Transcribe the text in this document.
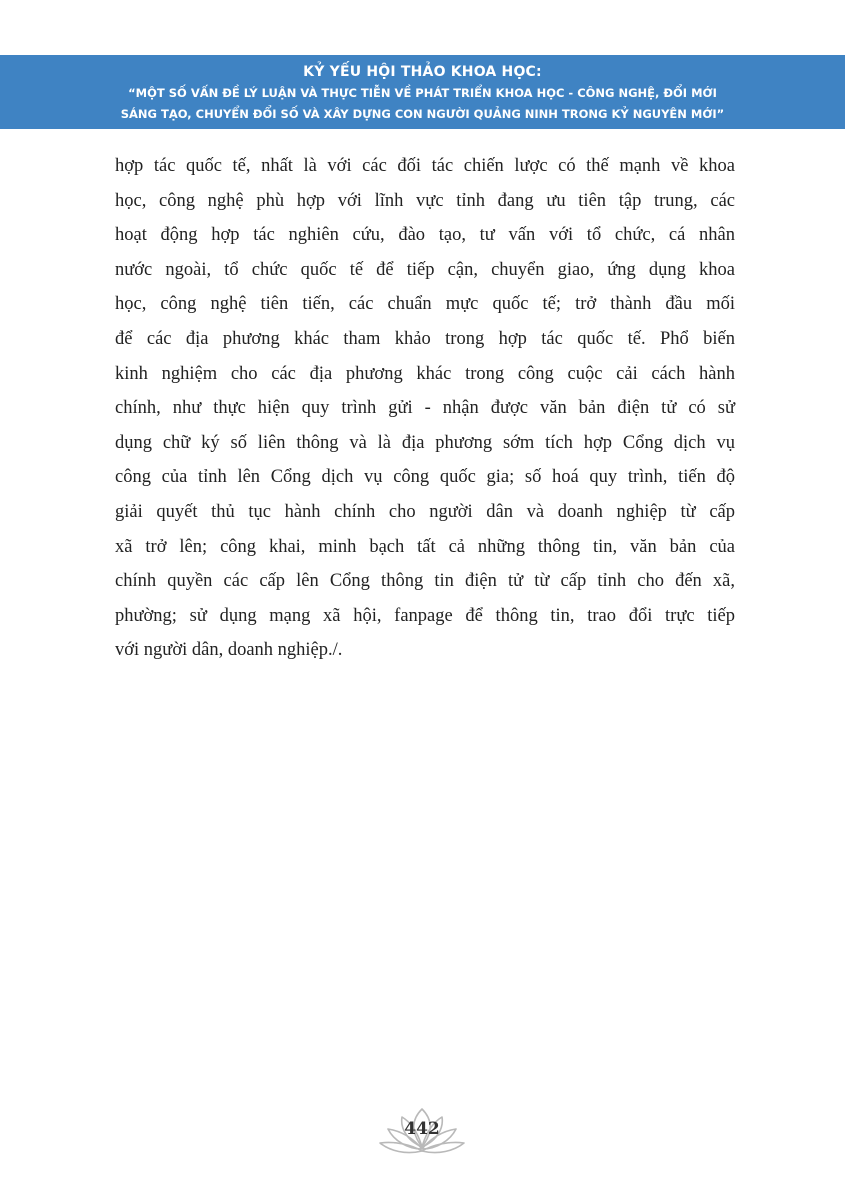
KỶ YẾU HỘI THẢO KHOA HỌC:
“MỘT SỐ VẤN ĐỀ LÝ LUẬN VÀ THỰC TIỄN VỀ PHÁT TRIỂN KHOA HỌC - CÔNG NGHỆ, ĐỔI MỚI
SÁNG TẠO, CHUYỂN ĐỔI SỐ VÀ XÂY DỰNG CON NGƯỜI QUẢNG NINH TRONG KỶ NGUYÊN MỚI”
hợp tác quốc tế, nhất là với các đối tác chiến lược có thế mạnh về khoa
học, công nghệ phù hợp với lĩnh vực tỉnh đang ưu tiên tập trung, các
hoạt động hợp tác nghiên cứu, đào tạo, tư vấn với tổ chức, cá nhân
nước ngoài, tổ chức quốc tế để tiếp cận, chuyển giao, ứng dụng khoa
học, công nghệ tiên tiến, các chuẩn mực quốc tế; trở thành đầu mối
để các địa phương khác tham khảo trong hợp tác quốc tế. Phổ biến
kinh nghiệm cho các địa phương khác trong công cuộc cải cách hành
chính, như thực hiện quy trình gửi - nhận được văn bản điện tử có sử
dụng chữ ký số liên thông và là địa phương sớm tích hợp Cổng dịch vụ
công của tỉnh lên Cổng dịch vụ công quốc gia; số hoá quy trình, tiến độ
giải quyết thủ tục hành chính cho người dân và doanh nghiệp từ cấp
xã trở lên; công khai, minh bạch tất cả những thông tin, văn bản của
chính quyền các cấp lên Cổng thông tin điện tử từ cấp tỉnh cho đến xã,
phường; sử dụng mạng xã hội, fanpage để thông tin, trao đổi trực tiếp
với người dân, doanh nghiệp./.
442
